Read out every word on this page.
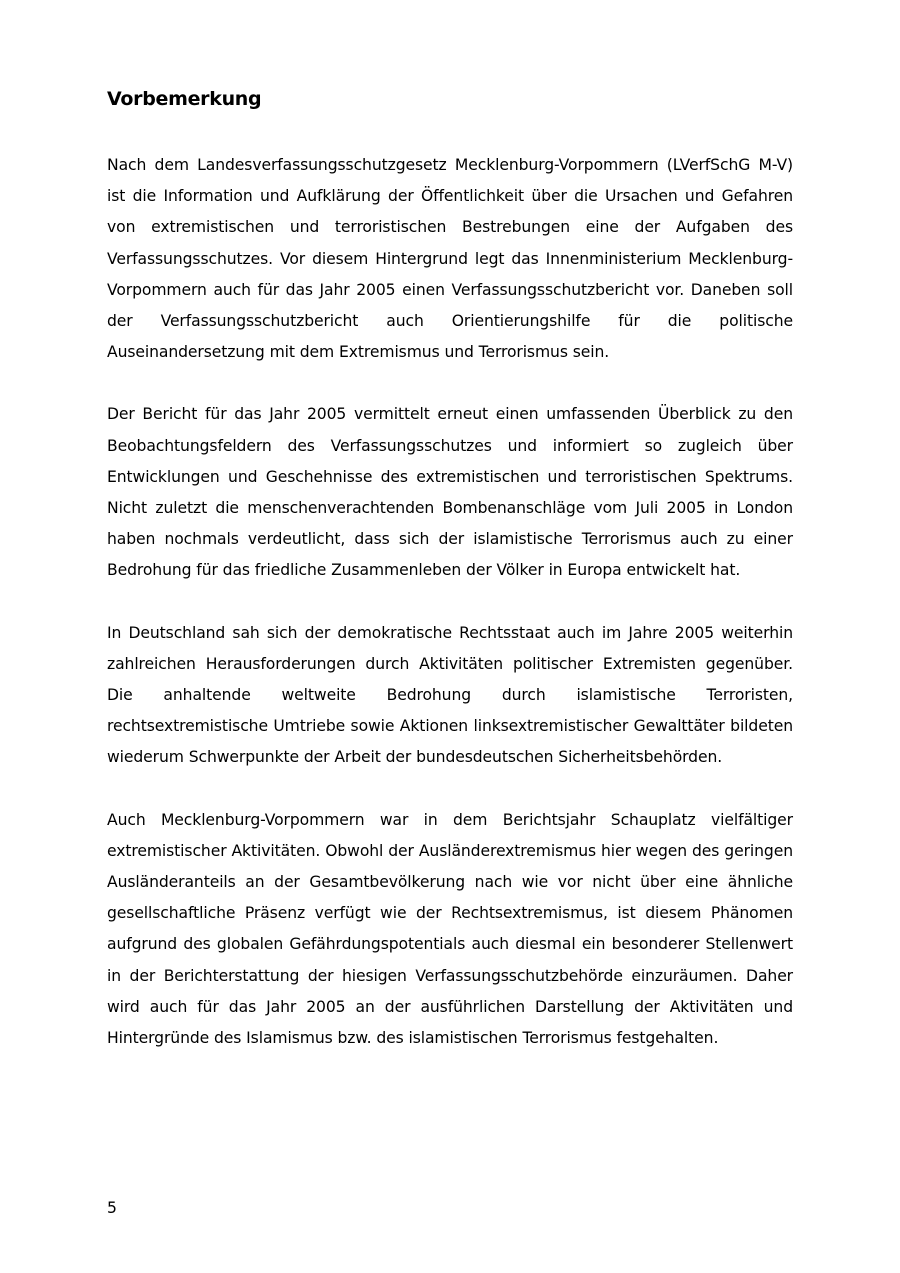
Vorbemerkung

Nach dem Landesverfassungsschutzgesetz Mecklenburg-Vorpommern (LVerfSchG M-V) ist die Information und Aufklärung der Öffentlichkeit über die Ursachen und Gefahren von extremistischen und terroristischen Bestrebungen eine der Aufgaben des Verfassungsschutzes. Vor diesem Hintergrund legt das Innenministerium Mecklenburg-Vorpommern auch für das Jahr 2005 einen Verfassungsschutzbericht vor. Daneben soll der Verfassungsschutzbericht auch Orientierungshilfe für die politische Auseinandersetzung mit dem Extremismus und Terrorismus sein.

Der Bericht für das Jahr 2005 vermittelt erneut einen umfassenden Überblick zu den Beobachtungsfeldern des Verfassungsschutzes und informiert so zugleich über Entwicklungen und Geschehnisse des extremistischen und terroristischen Spektrums. Nicht zuletzt die menschenverachtenden Bombenanschläge vom Juli 2005 in London haben nochmals verdeutlicht, dass sich der islamistische Terrorismus auch zu einer Bedrohung für das friedliche Zusammenleben der Völker in Europa entwickelt hat.

In Deutschland sah sich der demokratische Rechtsstaat auch im Jahre 2005 weiterhin zahlreichen Herausforderungen durch Aktivitäten politischer Extremisten gegenüber. Die anhaltende weltweite Bedrohung durch islamistische Terroristen, rechtsextremistische Umtriebe sowie Aktionen linksextremistischer Gewalttäter bildeten wiederum Schwerpunkte der Arbeit der bundesdeutschen Sicherheitsbehörden.

Auch Mecklenburg-Vorpommern war in dem Berichtsjahr Schauplatz vielfältiger extremistischer Aktivitäten. Obwohl der Ausländerextremismus hier wegen des geringen Ausländeranteils an der Gesamtbevölkerung nach wie vor nicht über eine ähnliche gesellschaftliche Präsenz verfügt wie der Rechtsextremismus, ist diesem Phänomen aufgrund des globalen Gefährdungspotentials auch diesmal ein besonderer Stellenwert in der Berichterstattung der hiesigen Verfassungsschutzbehörde einzuräumen. Daher wird auch für das Jahr 2005 an der ausführlichen Darstellung der Aktivitäten und Hintergründe des Islamismus bzw. des islamistischen Terrorismus festgehalten.

5
